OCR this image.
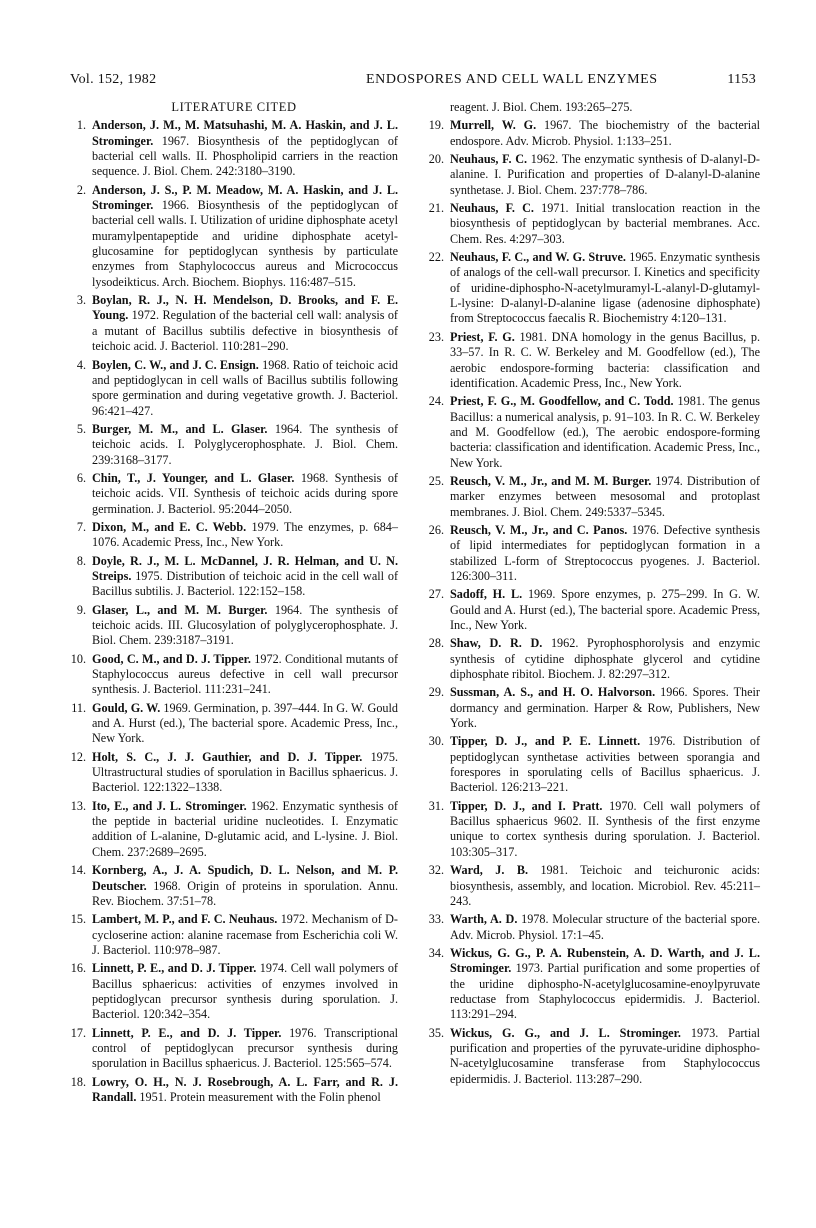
Vol. 152, 1982	ENDOSPORES AND CELL WALL ENZYMES	1153
LITERATURE CITED
1. Anderson, J. M., M. Matsuhashi, M. A. Haskin, and J. L. Strominger. 1967. Biosynthesis of the peptidoglycan of bacterial cell walls. II. Phospholipid carriers in the reaction sequence. J. Biol. Chem. 242:3180–3190.
2. Anderson, J. S., P. M. Meadow, M. A. Haskin, and J. L. Strominger. 1966. Biosynthesis of the peptidoglycan of bacterial cell walls. I. Utilization of uridine diphosphate acetyl muramylpentapeptide and uridine diphosphate acetyl-glucosamine for peptidoglycan synthesis by particulate enzymes from Staphylococcus aureus and Micrococcus lysodeikticus. Arch. Biochem. Biophys. 116:487–515.
3. Boylan, R. J., N. H. Mendelson, D. Brooks, and F. E. Young. 1972. Regulation of the bacterial cell wall: analysis of a mutant of Bacillus subtilis defective in biosynthesis of teichoic acid. J. Bacteriol. 110:281–290.
4. Boylen, C. W., and J. C. Ensign. 1968. Ratio of teichoic acid and peptidoglycan in cell walls of Bacillus subtilis following spore germination and during vegetative growth. J. Bacteriol. 96:421–427.
5. Burger, M. M., and L. Glaser. 1964. The synthesis of teichoic acids. I. Polyglycerophosphate. J. Biol. Chem. 239:3168–3177.
6. Chin, T., J. Younger, and L. Glaser. 1968. Synthesis of teichoic acids. VII. Synthesis of teichoic acids during spore germination. J. Bacteriol. 95:2044–2050.
7. Dixon, M., and E. C. Webb. 1979. The enzymes, p. 684–1076. Academic Press, Inc., New York.
8. Doyle, R. J., M. L. McDannel, J. R. Helman, and U. N. Streips. 1975. Distribution of teichoic acid in the cell wall of Bacillus subtilis. J. Bacteriol. 122:152–158.
9. Glaser, L., and M. M. Burger. 1964. The synthesis of teichoic acids. III. Glucosylation of polyglycerophosphate. J. Biol. Chem. 239:3187–3191.
10. Good, C. M., and D. J. Tipper. 1972. Conditional mutants of Staphylococcus aureus defective in cell wall precursor synthesis. J. Bacteriol. 111:231–241.
11. Gould, G. W. 1969. Germination, p. 397–444. In G. W. Gould and A. Hurst (ed.), The bacterial spore. Academic Press, Inc., New York.
12. Holt, S. C., J. J. Gauthier, and D. J. Tipper. 1975. Ultrastructural studies of sporulation in Bacillus sphaericus. J. Bacteriol. 122:1322–1338.
13. Ito, E., and J. L. Strominger. 1962. Enzymatic synthesis of the peptide in bacterial uridine nucleotides. I. Enzymatic addition of L-alanine, D-glutamic acid, and L-lysine. J. Biol. Chem. 237:2689–2695.
14. Kornberg, A., J. A. Spudich, D. L. Nelson, and M. P. Deutscher. 1968. Origin of proteins in sporulation. Annu. Rev. Biochem. 37:51–78.
15. Lambert, M. P., and F. C. Neuhaus. 1972. Mechanism of D-cycloserine action: alanine racemase from Escherichia coli W. J. Bacteriol. 110:978–987.
16. Linnett, P. E., and D. J. Tipper. 1974. Cell wall polymers of Bacillus sphaericus: activities of enzymes involved in peptidoglycan precursor synthesis during sporulation. J. Bacteriol. 120:342–354.
17. Linnett, P. E., and D. J. Tipper. 1976. Transcriptional control of peptidoglycan precursor synthesis during sporulation in Bacillus sphaericus. J. Bacteriol. 125:565–574.
18. Lowry, O. H., N. J. Rosebrough, A. L. Farr, and R. J. Randall. 1951. Protein measurement with the Folin phenol
reagent. J. Biol. Chem. 193:265–275.
19. Murrell, W. G. 1967. The biochemistry of the bacterial endospore. Adv. Microb. Physiol. 1:133–251.
20. Neuhaus, F. C. 1962. The enzymatic synthesis of D-alanyl-D-alanine. I. Purification and properties of D-alanyl-D-alanine synthetase. J. Biol. Chem. 237:778–786.
21. Neuhaus, F. C. 1971. Initial translocation reaction in the biosynthesis of peptidoglycan by bacterial membranes. Acc. Chem. Res. 4:297–303.
22. Neuhaus, F. C., and W. G. Struve. 1965. Enzymatic synthesis of analogs of the cell-wall precursor. I. Kinetics and specificity of uridine-diphospho-N-acetylmuramyl-L-alanyl-D-glutamyl-L-lysine: D-alanyl-D-alanine ligase (adenosine diphosphate) from Streptococcus faecalis R. Biochemistry 4:120–131.
23. Priest, F. G. 1981. DNA homology in the genus Bacillus, p. 33–57. In R. C. W. Berkeley and M. Goodfellow (ed.), The aerobic endospore-forming bacteria: classification and identification. Academic Press, Inc., New York.
24. Priest, F. G., M. Goodfellow, and C. Todd. 1981. The genus Bacillus: a numerical analysis, p. 91–103. In R. C. W. Berkeley and M. Goodfellow (ed.), The aerobic endospore-forming bacteria: classification and identification. Academic Press, Inc., New York.
25. Reusch, V. M., Jr., and M. M. Burger. 1974. Distribution of marker enzymes between mesosomal and protoplast membranes. J. Biol. Chem. 249:5337–5345.
26. Reusch, V. M., Jr., and C. Panos. 1976. Defective synthesis of lipid intermediates for peptidoglycan formation in a stabilized L-form of Streptococcus pyogenes. J. Bacteriol. 126:300–311.
27. Sadoff, H. L. 1969. Spore enzymes, p. 275–299. In G. W. Gould and A. Hurst (ed.), The bacterial spore. Academic Press, Inc., New York.
28. Shaw, D. R. D. 1962. Pyrophosphorolysis and enzymic synthesis of cytidine diphosphate glycerol and cytidine diphosphate ribitol. Biochem. J. 82:297–312.
29. Sussman, A. S., and H. O. Halvorson. 1966. Spores. Their dormancy and germination. Harper & Row, Publishers, New York.
30. Tipper, D. J., and P. E. Linnett. 1976. Distribution of peptidoglycan synthetase activities between sporangia and forespores in sporulating cells of Bacillus sphaericus. J. Bacteriol. 126:213–221.
31. Tipper, D. J., and I. Pratt. 1970. Cell wall polymers of Bacillus sphaericus 9602. II. Synthesis of the first enzyme unique to cortex synthesis during sporulation. J. Bacteriol. 103:305–317.
32. Ward, J. B. 1981. Teichoic and teichuronic acids: biosynthesis, assembly, and location. Microbiol. Rev. 45:211–243.
33. Warth, A. D. 1978. Molecular structure of the bacterial spore. Adv. Microb. Physiol. 17:1–45.
34. Wickus, G. G., P. A. Rubenstein, A. D. Warth, and J. L. Strominger. 1973. Partial purification and some properties of the uridine diphospho-N-acetylglucosamine-enoylpyruvate reductase from Staphylococcus epidermidis. J. Bacteriol. 113:291–294.
35. Wickus, G. G., and J. L. Strominger. 1973. Partial purification and properties of the pyruvate-uridine diphospho-N-acetylglucosamine transferase from Staphylococcus epidermidis. J. Bacteriol. 113:287–290.
